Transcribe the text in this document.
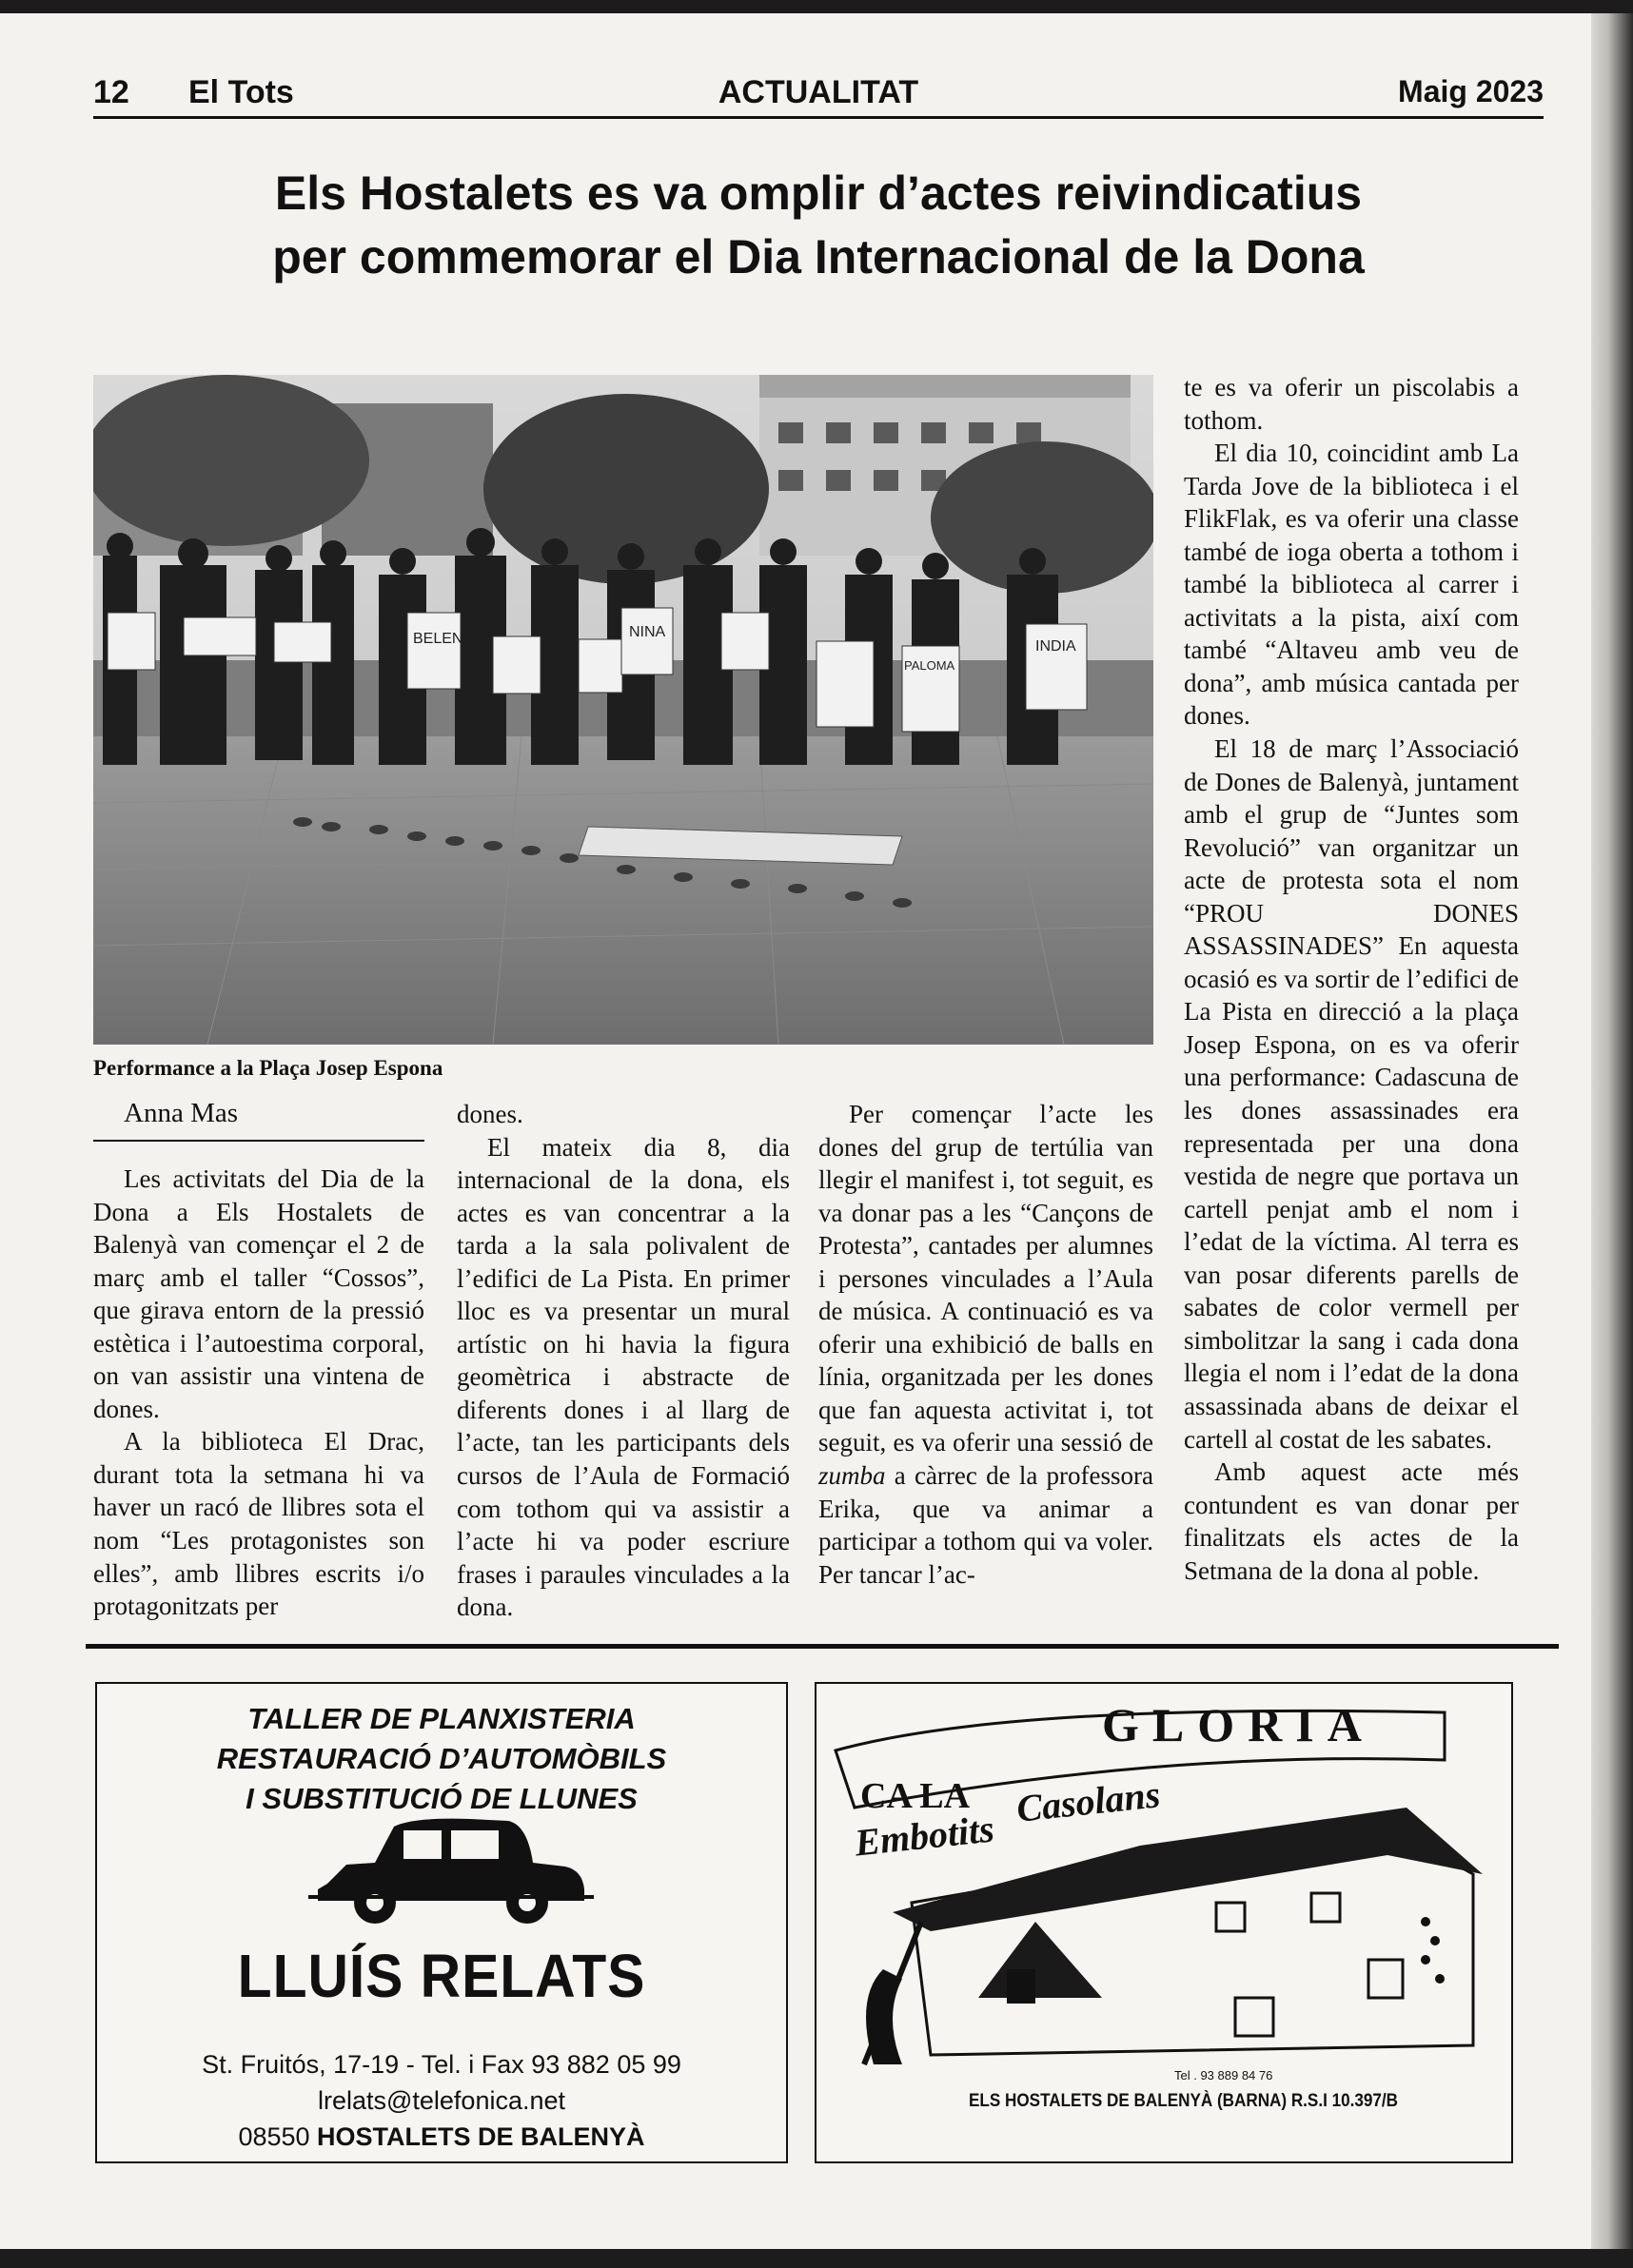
12 El Tots	ACTUALITAT	Maig 2023
Els Hostalets es va omplir d’actes reivindicatius
per commemorar el Dia Internacional de la Dona
BELEN	NINA
INDIA
PALOMA
Performance a la Plaça Josep Espona
Anna Mas

Les activitats del Dia de la Dona a Els Hostalets de Balenyà van començar el 2 de març amb el taller “Cossos”, que girava entorn de la pressió estètica i l’autoestima corporal, on van assistir una vintena de dones.

A la biblioteca El Drac, durant tota la setmana hi va haver un racó de llibres sota el nom “Les protagonistes son elles”, amb llibres escrits i/o protagonitzats per

dones.

El mateix dia 8, dia internacional de la dona, els actes es van concentrar a la tarda a la sala polivalent de l’edifici de La Pista. En primer lloc es va presentar un mural artístic on hi havia la figura geomètrica i abstracte de diferents dones i al llarg de l’acte, tan les participants dels cursos de l’Aula de Formació com tothom qui va assistir a l’acte hi va poder escriure frases i paraules vinculades a la dona.

Per començar l’acte les dones del grup de tertúlia van llegir el manifest i, tot seguit, es va donar pas a les “Cançons de Protesta”, cantades per alumnes i persones vinculades a l’Aula de música. A continuació es va oferir una exhibició de balls en línia, organitzada per les dones que fan aquesta activitat i, tot seguit, es va oferir una sessió de zumba a càrrec de la professora Erika, que va animar a participar a tothom qui va voler. Per tancar l’ac-

te es va oferir un piscolabis a tothom.

El dia 10, coincidint amb La Tarda Jove de la biblioteca i el FlikFlak, es va oferir una classe també de ioga oberta a tothom i també la biblioteca al carrer i activitats a la pista, així com també “Altaveu amb veu de dona”, amb música cantada per dones.

El 18 de març l’Associació de Dones de Balenyà, juntament amb el grup de “Juntes som Revolució” van organitzar un acte de protesta sota el nom “PROU DONES ASSASSINADES” En aquesta ocasió es va sortir de l’edifici de La Pista en direcció a la plaça Josep Espona, on es va oferir una performance: Cadascuna de les dones assassinades era representada per una dona vestida de negre que portava un cartell penjat amb el nom i l’edat de la víctima. Al terra es van posar diferents parells de sabates de color vermell per simbolitzar la sang i cada dona llegia el nom i l’edat de la dona assassinada abans de deixar el cartell al costat de les sabates.

Amb aquest acte més contundent es van donar per finalitzats els actes de la Setmana de la dona al poble.

TALLER DE PLANXISTERIA
RESTAURACIÓ D’AUTOMÒBILS
I SUBSTITUCIÓ DE LLUNES
LLUÍS RELATS
St. Fruitós, 17-19 - Tel. i Fax 93 882 05 99
lrelats@telefonica.net
08550 HOSTALETS DE BALENYÀ
CA LA
GLORIA
Embotits
Casolans
Tel . 93 889 84 76
ELS HOSTALETS DE BALENYÀ (BARNA) R.S.I 10.397/B
